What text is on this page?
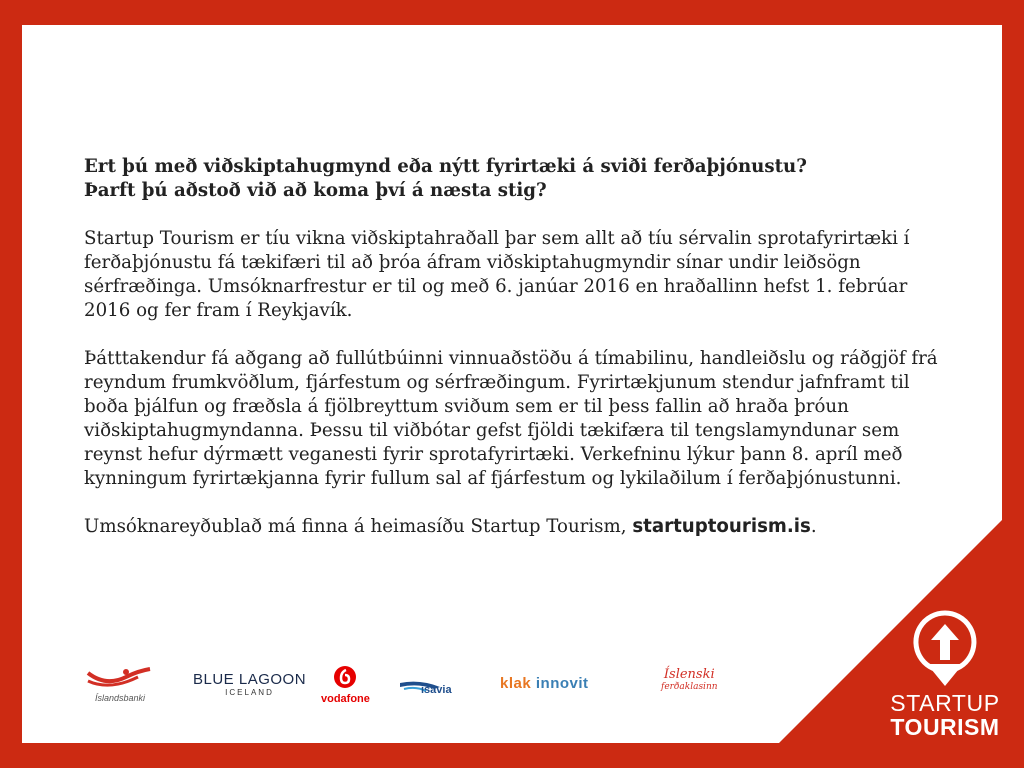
Ert þú með viðskiptahugmynd eða nýtt fyrirtæki á sviði ferðaþjónustu?
Þarft þú aðstoð við að koma því á næsta stig?

Startup Tourism er tíu vikna viðskiptahraðall þar sem allt að tíu sérvalin sprotafyrirtæki í ferðaþjónustu fá tækifæri til að þróa áfram viðskiptahugmyndir sínar undir leiðsögn sérfræðinga. Umsóknarfrestur er til og með 6. janúar 2016 en hraðallinn hefst 1. febrúar 2016 og fer fram í Reykjavík.

Þátttakendur fá aðgang að fullútbúinni vinnuaðstöðu á tímabilinu, handleiðslu og ráðgjöf frá reyndum frumkvöðlum, fjárfestum og sérfræðingum. Fyrirtækjunum stendur jafnframt til boða þjálfun og fræðsla á fjölbreyttum sviðum sem er til þess fallin að hraða þróun viðskiptahugmyndanna. Þessu til viðbótar gefst fjöldi tækifæra til tengslamyndunar sem reynst hefur dýrmætt veganesti fyrir sprotafyrirtæki. Verkefninu lýkur þann 8. apríl með kynningum fyrirtækjanna fyrir fullum sal af fjárfestum og lykilaðilum í ferðaþjónustunni.

Umsóknareyðublað má finna á heimasíðu Startup Tourism, startuptourism.is.

Íslandsbanki
BLUE LAGOON
ICELAND
vodafone
isavia	klak innovit
Íslenski
ferðaklasinn
STARTUP
TOURISM
